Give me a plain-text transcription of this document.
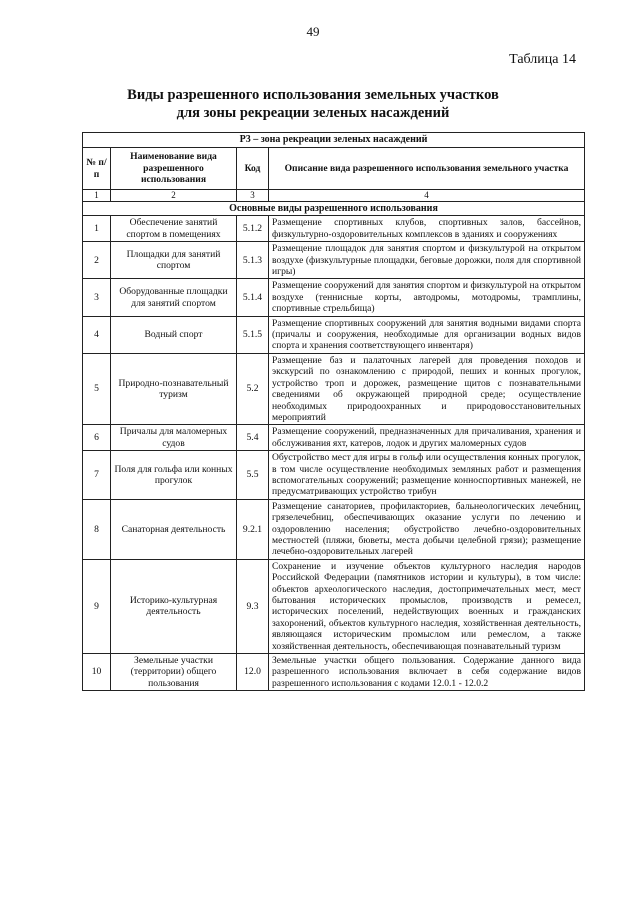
49
Таблица 14
Виды разрешенного использования земельных участков
для зоны рекреации зеленых насаждений
Р3 – зона рекреации зеленых насаждений			
№ п/п	Наименование вида разрешенного использования	Код	Описание вида разрешенного использования земельного участка
1	2	3	4
Основные виды разрешенного использования			
1	Обеспечение занятий спортом в помещениях	5.1.2	Размещение спортивных клубов, спортивных залов, бассейнов, физкультурно-оздоровительных комплексов в зданиях и сооружениях
2	Площадки для занятий спортом	5.1.3	Размещение площадок для занятия спортом и физкультурой на открытом воздухе (физкультурные площадки, беговые дорожки, поля для спортивной игры)
3	Оборудованные площадки для занятий спортом	5.1.4	Размещение сооружений для занятия спортом и физкультурой на открытом воздухе (теннисные корты, автодромы, мотодромы, трамплины, спортивные стрельбища)
4	Водный спорт	5.1.5	Размещение спортивных сооружений для занятия водными видами спорта (причалы и сооружения, необходимые для организации водных видов спорта и хранения соответствующего инвентаря)
5	Природно-познавательный туризм	5.2	Размещение баз и палаточных лагерей для проведения походов и экскурсий по ознакомлению с природой, пеших и конных прогулок, устройство троп и дорожек, размещение щитов с познавательными сведениями об окружающей природной среде; осуществление необходимых природоохранных и природовосстановительных мероприятий
6	Причалы для маломерных судов	5.4	Размещение сооружений, предназначенных для причаливания, хранения и обслуживания яхт, катеров, лодок и других маломерных судов
7	Поля для гольфа или конных прогулок	5.5	Обустройство мест для игры в гольф или осуществления конных прогулок, в том числе осуществление необходимых земляных работ и размещения вспомогательных сооружений; размещение конноспортивных манежей, не предусматривающих устройство трибун
8	Санаторная деятельность	9.2.1	Размещение санаториев, профилакториев, бальнеологических лечебниц, грязелечебниц, обеспечивающих оказание услуги по лечению и оздоровлению населения; обустройство лечебно-оздоровительных местностей (пляжи, бюветы, места добычи целебной грязи); размещение лечебно-оздоровительных лагерей
9	Историко-культурная деятельность	9.3	Сохранение и изучение объектов культурного наследия народов Российской Федерации (памятников истории и культуры), в том числе: объектов археологического наследия, достопримечательных мест, мест бытования исторических промыслов, производств и ремесел, исторических поселений, недействующих военных и гражданских захоронений, объектов культурного наследия, хозяйственная деятельность, являющаяся историческим промыслом или ремеслом, а также хозяйственная деятельность, обеспечивающая познавательный туризм
10	Земельные участки (территории) общего пользования	12.0	Земельные участки общего пользования. Содержание данного вида разрешенного использования включает в себя содержание видов разрешенного использования с кодами 12.0.1 - 12.0.2
